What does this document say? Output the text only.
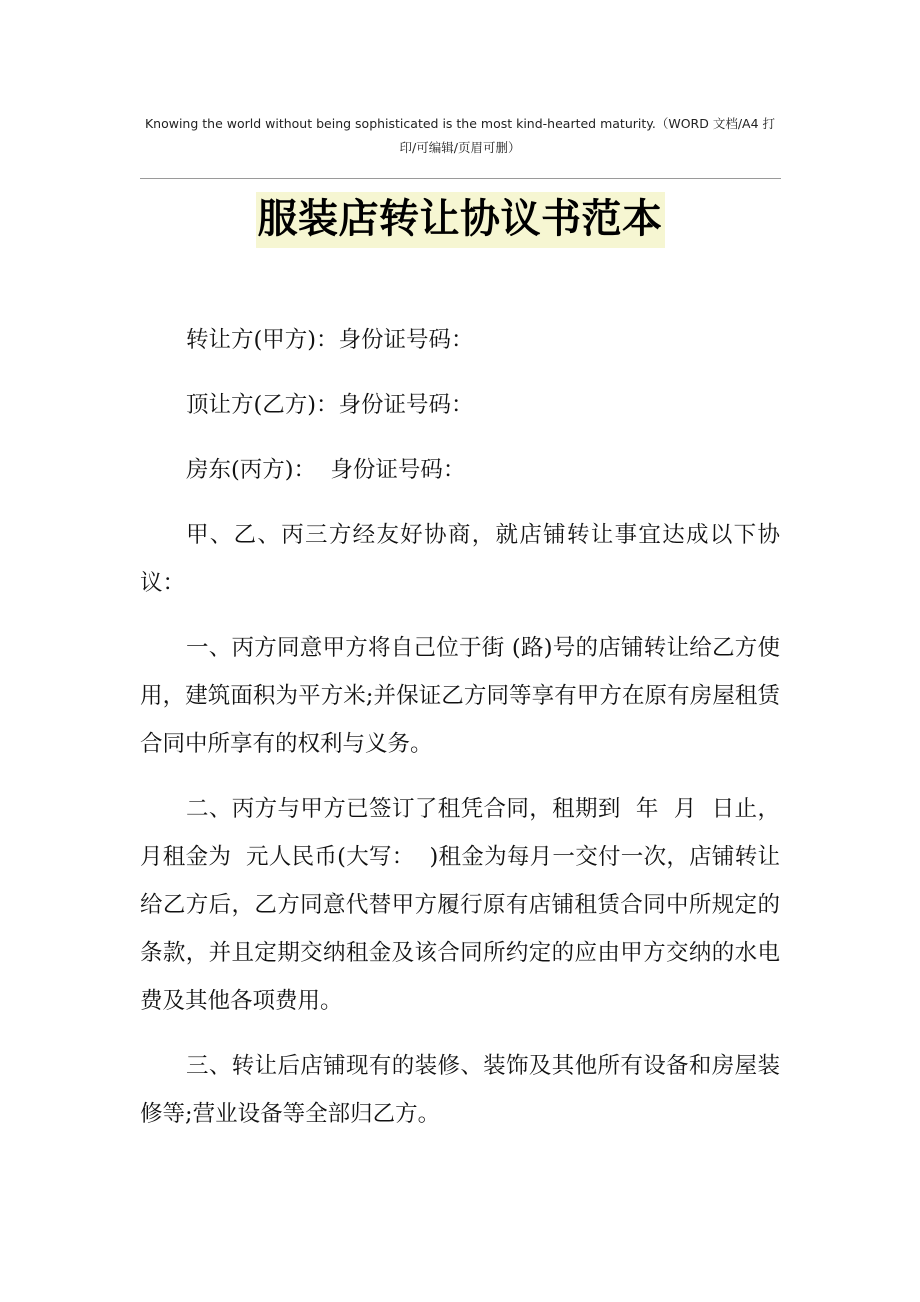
Knowing the world without being sophisticated is the most kind-hearted maturity.（WORD 文档/A4 打印/可编辑/页眉可删）
服装店转让协议书范本

转让方(甲方)：身份证号码：

顶让方(乙方)：身份证号码：

房东(丙方)：  身份证号码：

甲、乙、丙三方经友好协商，就店铺转让事宜达成以下协议：

一、丙方同意甲方将自己位于街 (路)号的店铺转让给乙方使用，建筑面积为平方米;并保证乙方同等享有甲方在原有房屋租赁合同中所享有的权利与义务。

二、丙方与甲方已签订了租凭合同，租期到  年  月  日止，月租金为  元人民币(大写：  )租金为每月一交付一次，店铺转让给乙方后，乙方同意代替甲方履行原有店铺租赁合同中所规定的条款，并且定期交纳租金及该合同所约定的应由甲方交纳的水电费及其他各项费用。

三、转让后店铺现有的装修、装饰及其他所有设备和房屋装修等;营业设备等全部归乙方。
